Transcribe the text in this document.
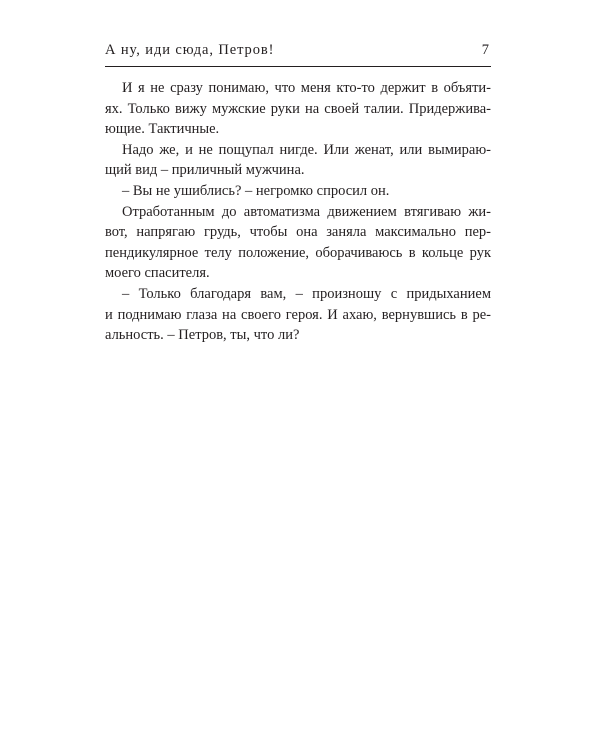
А ну, иди сюда, Петров!	7
И я не сразу понимаю, что меня кто-то держит в объяти-
ях. Только вижу мужские руки на своей талии. Придержива-
ющие. Тактичные.
Надо же, и не пощупал нигде. Или женат, или вымираю-
щий вид – приличный мужчина.
– Вы не ушиблись? – негромко спросил он.
Отработанным до автоматизма движением втягиваю жи-
вот, напрягаю грудь, чтобы она заняла максимально пер-
пендикулярное телу положение, оборачиваюсь в кольце рук
моего спасителя.
– Только благодаря вам, – произношу с придыханием
и поднимаю глаза на своего героя. И ахаю, вернувшись в ре-
альность. – Петров, ты, что ли?
